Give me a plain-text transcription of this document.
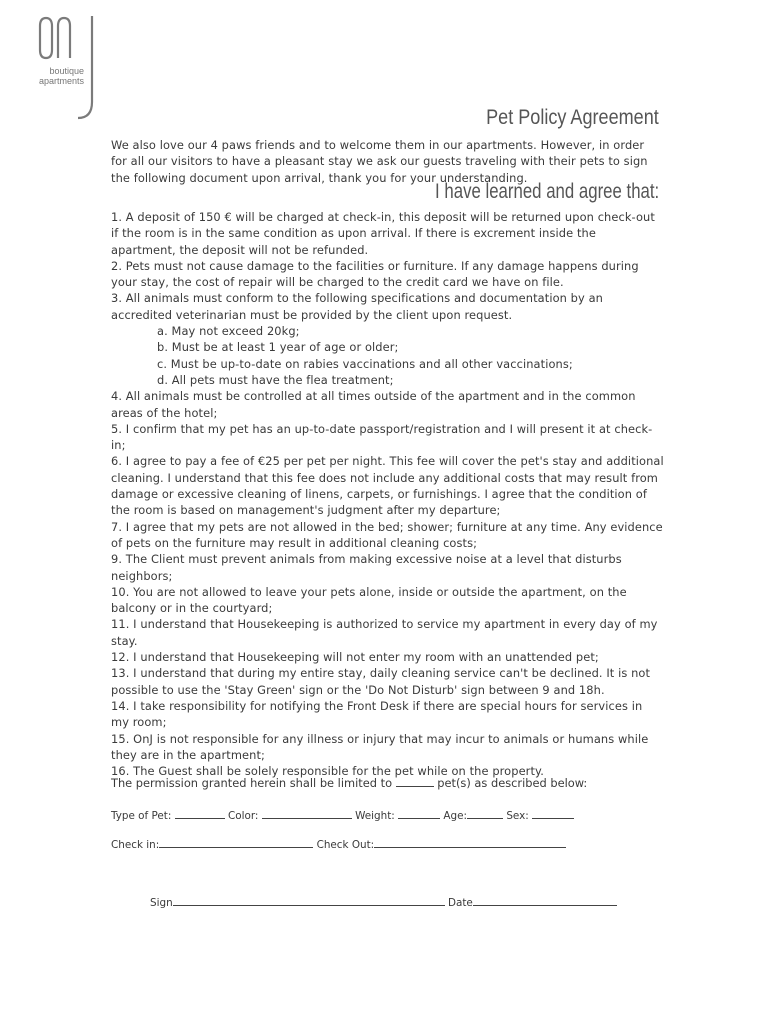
boutique
apartments
Pet Policy Agreement
We also love our 4 paws friends and to welcome them in our apartments. However, in order for all our visitors to have a pleasant stay we ask our guests traveling with their pets to sign the following document upon arrival, thank you for your understanding.
I have learned and agree that:

1. A deposit of 150 € will be charged at check-in, this deposit will be returned upon check-out if the room is in the same condition as upon arrival. If there is excrement inside the apartment, the deposit will not be refunded.

2. Pets must not cause damage to the facilities or furniture. If any damage happens during your stay, the cost of repair will be charged to the credit card we have on file.

3. All animals must conform to the following specifications and documentation by an accredited veterinarian must be provided by the client upon request.

a. May not exceed 20kg;

b. Must be at least 1 year of age or older;

c. Must be up-to-date on rabies vaccinations and all other vaccinations;

d. All pets must have the flea treatment;

4. All animals must be controlled at all times outside of the apartment and in the common areas of the hotel;

5. I confirm that my pet has an up-to-date passport/registration and I will present it at check-in;

6. I agree to pay a fee of €25 per pet per night. This fee will cover the pet's stay and additional cleaning. I understand that this fee does not include any additional costs that may result from damage or excessive cleaning of linens, carpets, or furnishings. I agree that the condition of the room is based on management's judgment after my departure;

7. I agree that my pets are not allowed in the bed; shower; furniture at any time. Any evidence of pets on the furniture may result in additional cleaning costs;

9. The Client must prevent animals from making excessive noise at a level that disturbs neighbors;

10. You are not allowed to leave your pets alone, inside or outside the apartment, on the balcony or in the courtyard;

11. I understand that Housekeeping is authorized to service my apartment in every day of my stay.

12. I understand that Housekeeping will not enter my room with an unattended pet;

13. I understand that during my entire stay, daily cleaning service can't be declined. It is not possible to use the 'Stay Green' sign or the 'Do Not Disturb' sign between 9 and 18h.

14. I take responsibility for notifying the Front Desk if there are special hours for services in my room;

15. OnJ is not responsible for any illness or injury that may incur to animals or humans while they are in the apartment;

16. The Guest shall be solely responsible for the pet while on the property.

The permission granted herein shall be limited to	pet(s) as described below:
Type of Pet:	Color:	Weight:	Age:	Sex:
Check in:	Check Out:
Sign	Date
